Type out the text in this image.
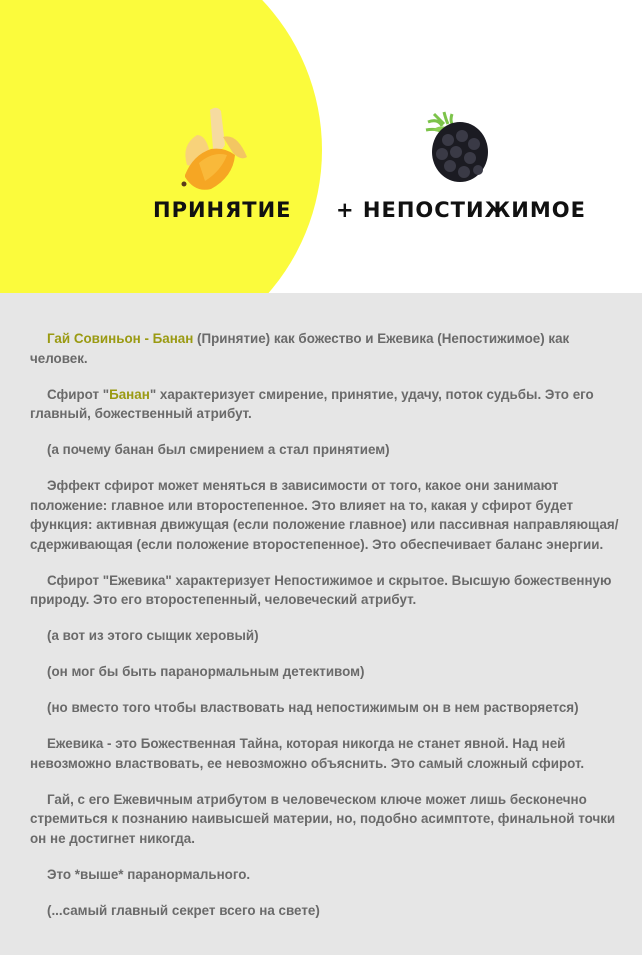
ПРИНЯТИЕ + НЕПОСТИЖИМОЕ

Гай Совиньон - Банан (Принятие) как божество и Ежевика (Непостижимое) как человек.

Сфирот "Банан" характеризует смирение, принятие, удачу, поток судьбы. Это его главный, божественный атрибут.

(а почему банан был смирением а стал принятием)

Эффект сфирот может меняться в зависимости от того, какое они занимают положение: главное или второстепенное. Это влияет на то, какая у сфирот будет функция: активная движущая (если положение главное) или пассивная направляющая/сдерживающая (если положение второстепенное). Это обеспечивает баланс энергии.

Сфирот "Ежевика" характеризует Непостижимое и скрытое. Высшую божественную природу. Это его второстепенный, человеческий атрибут.

(а вот из этого сыщик херовый)

(он мог бы быть паранормальным детективом)

(но вместо того чтобы властвовать над непостижимым он в нем растворяется)

Ежевика - это Божественная Тайна, которая никогда не станет явной. Над ней невозможно властвовать, ее невозможно объяснить. Это самый сложный сфирот.

Гай, с его Ежевичным атрибутом в человеческом ключе может лишь бесконечно стремиться к познанию наивысшей материи, но, подобно асимптоте, финальной точки он не достигнет никогда.

Это *выше* паранормального.

(...самый главный секрет всего на свете)
